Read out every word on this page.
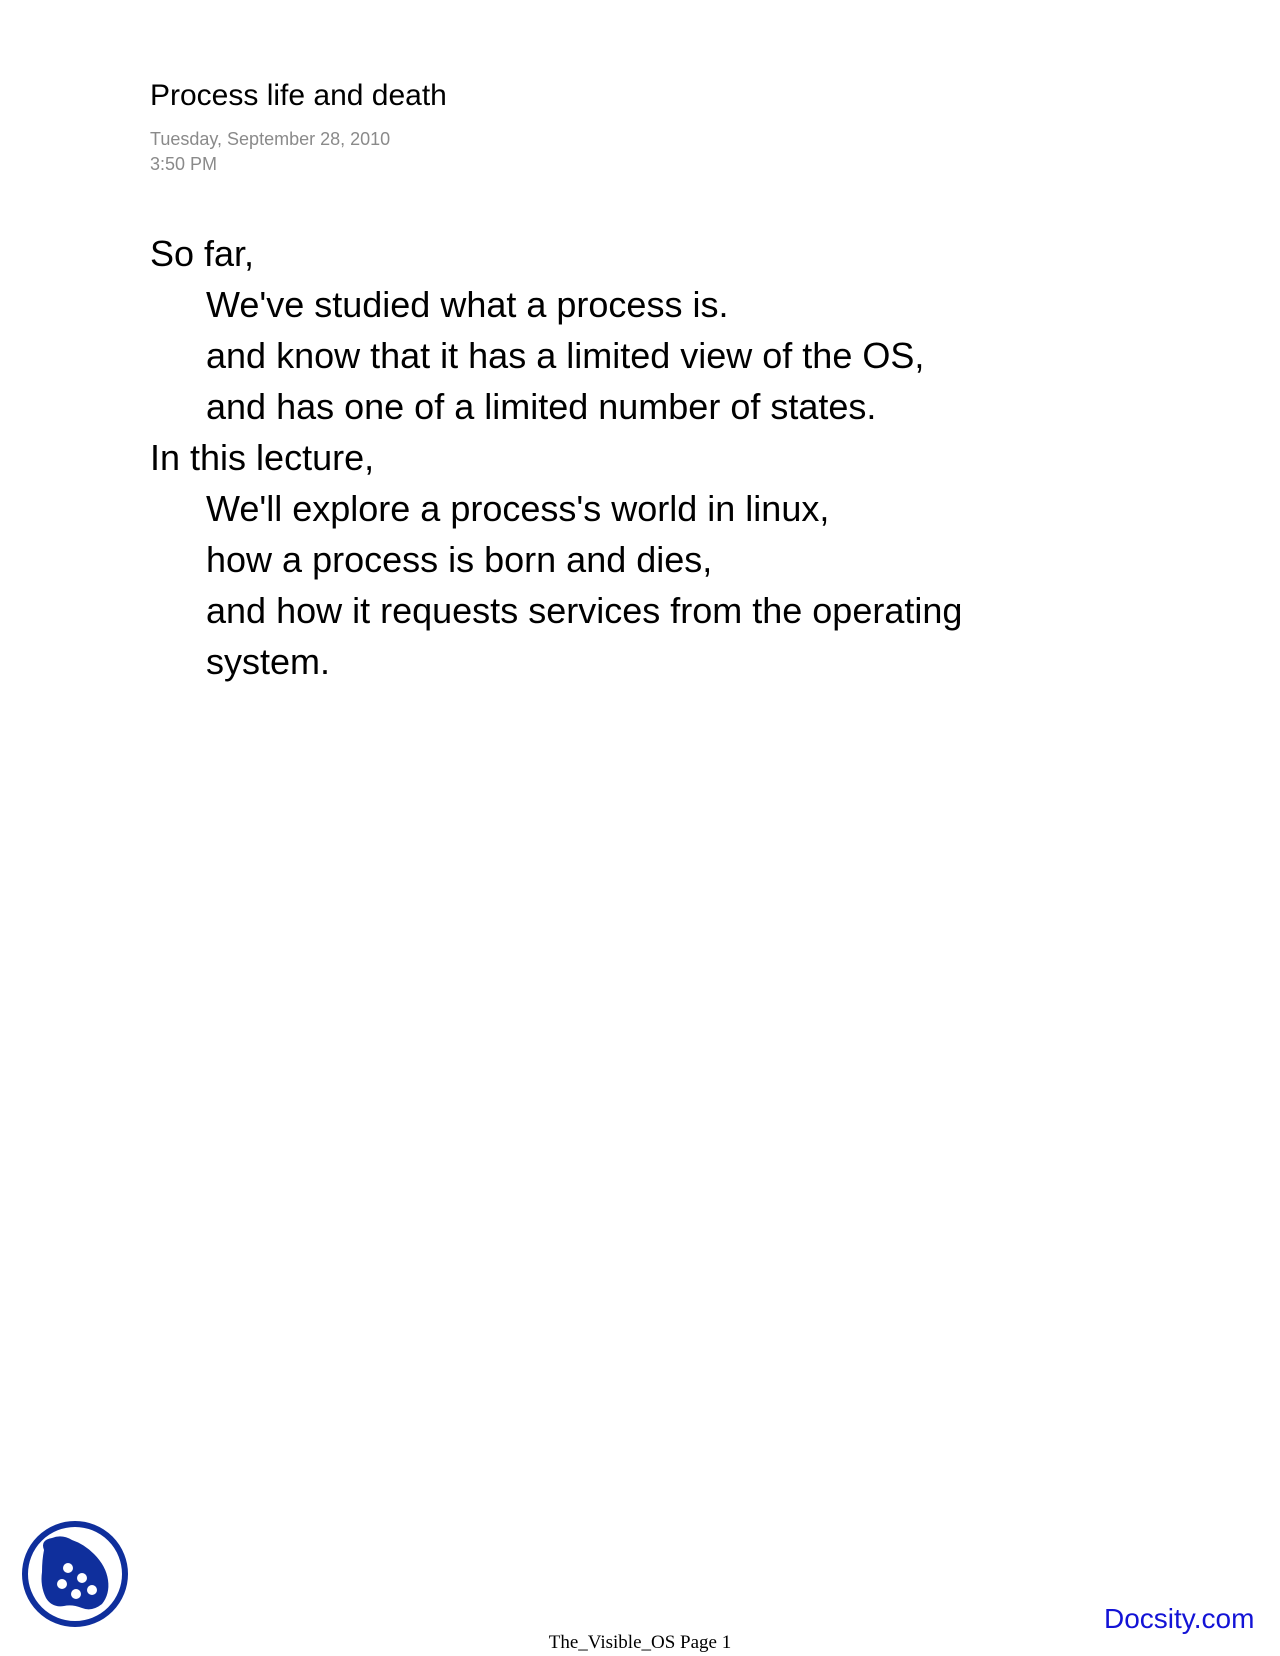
Process life and death
Tuesday, September 28, 2010
3:50 PM
So far,
We've studied what a process is.
and know that it has a limited view of the OS,
and has one of a limited number of states.
In this lecture,
We'll explore a process's world in linux,
how a process is born and dies,
and how it requests services from the operating
system.
Docsity.com
The_Visible_OS Page 1
